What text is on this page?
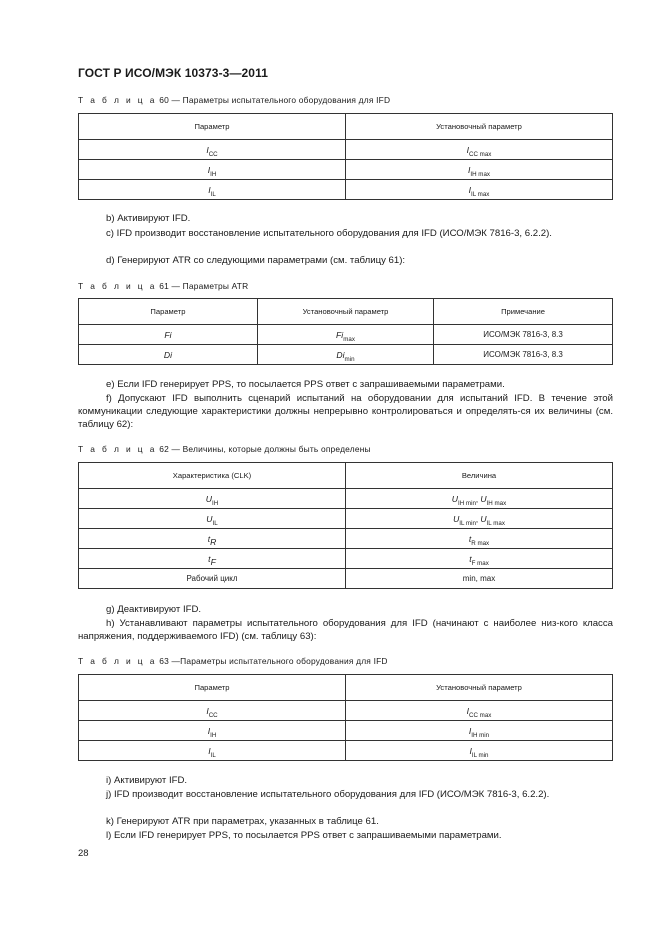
ГОСТ Р ИСО/МЭК 10373-3—2011
Т а б л и ц а 60 — Параметры испытательного оборудования для IFD
Параметр	Установочный параметр
$I_{CC}$	$I_{CC max}$
$I_{IH}$	$I_{IH max}$
$I_{IL}$	$I_{IL max}$
b) Активируют IFD.
c) IFD производит восстановление испытательного оборудования для IFD (ИСО/МЭК 7816-3, 6.2.2).
d) Генерируют ATR со следующими параметрами (см. таблицу 61):
Т а б л и ц а 61 — Параметры ATR
Параметр	Установочный параметр	Примечание
Fi	$Fi_{max}$	ИСО/МЭК 7816-3, 8.3
Di	$Di_{min}$	ИСО/МЭК 7816-3, 8.3
e) Если IFD генерирует PPS, то посылается PPS ответ с запрашиваемыми параметрами.
f) Допускают IFD выполнить сценарий испытаний на оборудовании для испытаний IFD. В течение этой коммуникации следующие характеристики должны непрерывно контролироваться и определять-ся их величины (см. таблицу 62):
Т а б л и ц а 62 — Величины, которые должны быть определены
Характеристика (CLK)	Величина
$U_{IH}$	$U_{IH min}$, $U_{IH max}$
$U_{IL}$	$U_{IL min}$, $U_{IL max}$
$t_R$	$t_{R max}$
$t_F$	$t_{F max}$
Рабочий цикл	min, max
g) Деактивируют IFD.
h) Устанавливают параметры испытательного оборудования для IFD (начинают с наиболее низ-кого класса напряжения, поддерживаемого IFD) (см. таблицу 63):
Т а б л и ц а 63 —Параметры испытательного оборудования для IFD
Параметр	Установочный параметр
$I_{CC}$	$I_{CC max}$
$I_{IH}$	$I_{IH min}$
$I_{IL}$	$I_{IL min}$
i) Активируют IFD.
j) IFD производит восстановление испытательного оборудования для IFD (ИСО/МЭК 7816-3, 6.2.2).
k) Генерируют ATR при параметрах, указанных в таблице 61.
l) Если IFD генерирует PPS, то посылается PPS ответ с запрашиваемыми параметрами.
28
